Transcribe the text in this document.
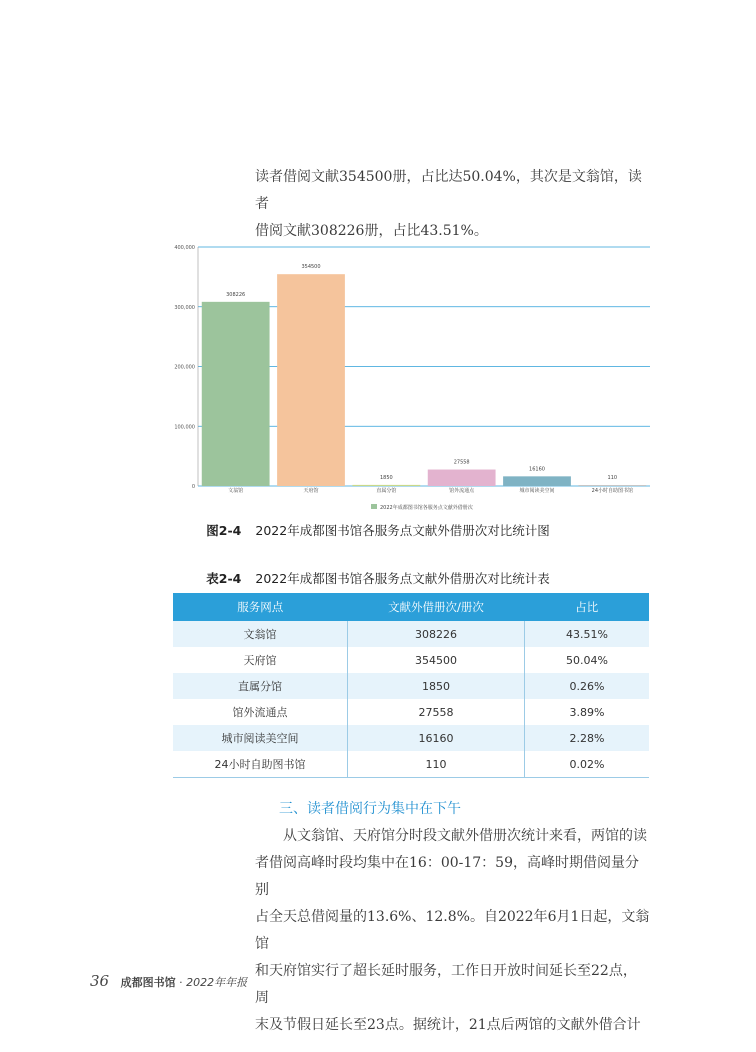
读者借阅文献354500册，占比达50.04%，其次是文翁馆，读者

借阅文献308226册，占比43.51%。

0
100,000
200,000
300,000
400,000
308226
354500
1850
27558
16160
110
文翁馆	天府馆	直属分馆	馆外流通点	城市阅读美空间	24小时自助图书馆
2022年成都图书馆各服务点文献外借册次
图2-4 2022年成都图书馆各服务点文献外借册次对比统计图
表2-4 2022年成都图书馆各服务点文献外借册次对比统计表
服务网点	文献外借册次/册次	占比
文翁馆	308226	43.51%
天府馆	354500	50.04%
直属分馆	1850	0.26%
馆外流通点	27558	3.89%
城市阅读美空间	16160	2.28%
24小时自助图书馆	110	0.02%
三、读者借阅行为集中在下午

从文翁馆、天府馆分时段文献外借册次统计来看，两馆的读

者借阅高峰时段均集中在16：00-17：59，高峰时期借阅量分别

占全天总借阅量的13.6%、12.8%。自2022年6月1日起，文翁馆

和天府馆实行了超长延时服务，工作日开放时间延长至22点，周

末及节假日延长至23点。据统计，21点后两馆的文献外借合计

36 成都图书馆 · 2022年年报
